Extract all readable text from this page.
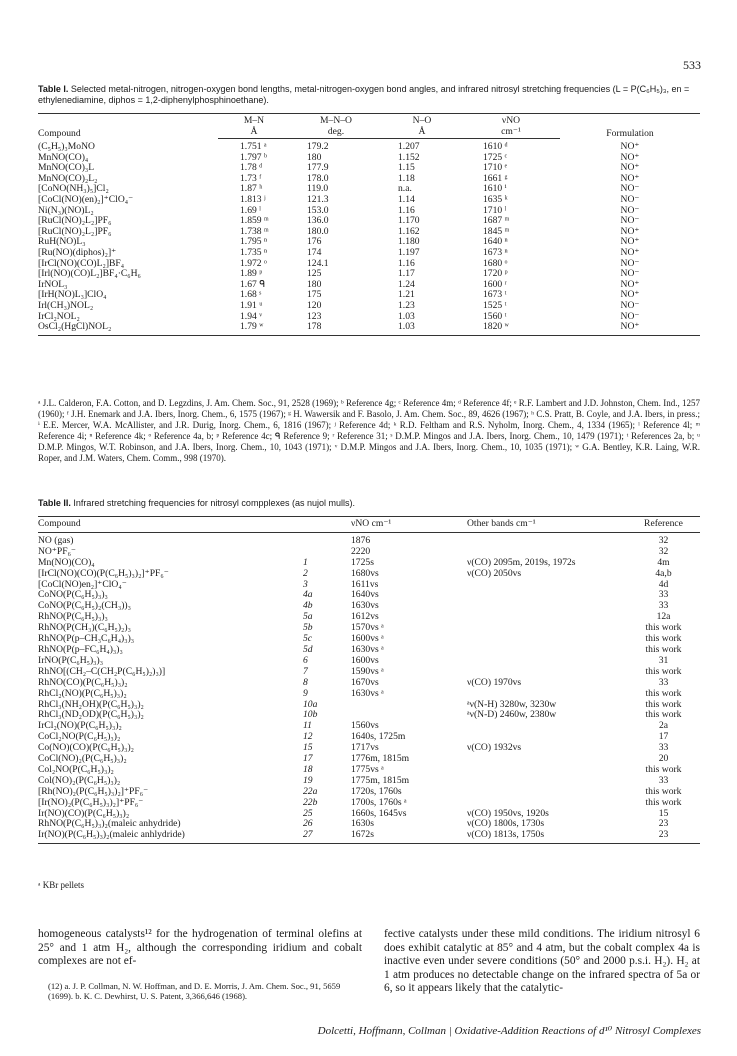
533
Table I. Selected metal-nitrogen, nitrogen-oxygen bond lengths, metal-nitrogen-oxygen bond angles, and infrared nitrosyl stretching frequencies (L = P(C₆H₅)₃, en = ethylenediamine, diphos = 1,2-diphenylphosphinoethane).
Compound	M–N	M–N–O	N–O	νNO	Formulation
	Å	deg.	Å	cm⁻¹	
(C₅H₅)₃MoNO	1.751 ᵃ	179.2	1.207	1610 ᵈ	NO⁺
MnNO(CO)₄	1.797 ᵇ	180	1.152	1725 ᶜ	NO⁺
MnNO(CO)₃L	1.78 ᵈ	177.9	1.15	1710 ᵉ	NO⁺
MnNO(CO)₂L₂	1.73 ᶠ	178.0	1.18	1661 ᵍ	NO⁺
[CoNO(NH₃)₅]Cl₂	1.87 ʰ	119.0	n.a.	1610 ⁱ	NO⁻
[CoCl(NO)(en)₂]⁺ClO₄⁻	1.813 ʲ	121.3	1.14	1635 ᵏ	NO⁻
Ni(N₃)(NO)L₂	1.69 ˡ	153.0	1.16	1710 ˡ	NO⁻
[RuCl(NO)₂L₂]PF₆	1.859 ᵐ	136.0	1.170	1687 ᵐ	NO⁻
[RuCl(NO)₂L₂]PF₆	1.738 ᵐ	180.0	1.162	1845 ᵐ	NO⁺
RuH(NO)L₃	1.795 ⁿ	176	1.180	1640 ⁿ	NO⁺
[Ru(NO)(diphos)₂]⁺	1.735 ⁿ	174	1.197	1673 ⁿ	NO⁺
[IrCl(NO)(CO)L₂]BF₄	1.972 ᵒ	124.1	1.16	1680 ᵒ	NO⁻
[Irl(NO)(CO)L₂]BF₄·C₆H₆	1.89 ᵖ	125	1.17	1720 ᵖ	NO⁻
IrNOL₃	1.67 ᑫ	180	1.24	1600 ʳ	NO⁺
[IrH(NO)L₃]ClO₄	1.68 ˢ	175	1.21	1673 ᵗ	NO⁺
Irl(CH₃)NOL₂	1.91 ᵘ	120	1.23	1525 ᵗ	NO⁻
IrCl₂NOL₂	1.94 ᵛ	123	1.03	1560 ᵗ	NO⁻
OsCl₂(HgCl)NOL₂	1.79 ʷ	178	1.03	1820 ʷ	NO⁺
ᵃ J.L. Calderon, F.A. Cotton, and D. Legzdins, J. Am. Chem. Soc., 91, 2528 (1969); ᵇ Reference 4g; ᶜ Reference 4m; ᵈ Reference 4f; ᵉ R.F. Lambert and J.D. Johnston, Chem. Ind., 1257 (1960); ᶠ J.H. Enemark and J.A. Ibers, Inorg. Chem., 6, 1575 (1967); ᵍ H. Wawersik and F. Basolo, J. Am. Chem. Soc., 89, 4626 (1967); ʰ C.S. Pratt, B. Coyle, and J.A. Ibers, in press.; ⁱ E.E. Mercer, W.A. McAllister, and J.R. Durig, Inorg. Chem., 6, 1816 (1967); ʲ Reference 4d; ᵏ R.D. Feltham and R.S. Nyholm, Inorg. Chem., 4, 1334 (1965); ˡ Reference 4l; ᵐ Reference 4i; ⁿ Reference 4k; ᵒ Reference 4a, b; ᵖ Reference 4c; ᑫ Reference 9; ʳ Reference 31; ˢ D.M.P. Mingos and J.A. Ibers, Inorg. Chem., 10, 1479 (1971); ᵗ References 2a, b; ᵘ D.M.P. Mingos, W.T. Robinson, and J.A. Ibers, Inorg. Chem., 10, 1043 (1971); ᵛ D.M.P. Mingos and J.A. Ibers, Inorg. Chem., 10, 1035 (1971); ʷ G.A. Bentley, K.R. Laing, W.R. Roper, and J.M. Waters, Chem. Comm., 998 (1970).
Table II. Infrared stretching frequencies for nitrosyl compplexes (as nujol mulls).
Compound		νNO cm⁻¹	Other bands cm⁻¹	Reference
NO (gas)		1876		32
NO⁺PF₆⁻		2220		32
Mn(NO)(CO)₄	1	1725s	ν(CO) 2095m, 2019s, 1972s	4m
[IrCl(NO)(CO)(P(C₆H₅)₃)₂]⁺PF₆⁻	2	1680vs	ν(CO) 2050vs	4a,b
[CoCl(NO)en₂]⁺ClO₄⁻	3	1611vs		4d
CoNO(P(C₆H₅)₃)₃	4a	1640vs		33
CoNO(P(C₆H₅)₂(CH₃))₃	4b	1630vs		33
RhNO(P(C₆H₅)₃)₃	5a	1612vs		12a
RhNO(P(CH₃)(C₆H₅)₂)₃	5b	1570vs ᵃ		this work
RhNO(P(p–CH₃C₆H₄)₃)₃	5c	1600vs ᵃ		this work
RhNO(P(p–FC₆H₄)₃)₃	5d	1630vs ᵃ		this work
IrNO(P(C₆H₅)₃)₃	6	1600vs		31
RhNO[(CH₂–C(CH₂P(C₆H₅)₂)₃)]	7	1590vs ᵃ		this work
RhNO(CO)(P(C₆H₅)₃)₂	8	1670vs	ν(CO) 1970vs	33
RhCl₂(NO)(P(C₆H₅)₃)₂	9	1630vs ᵃ		this work
RhCl₃(NH₂OH)(P(C₆H₅)₃)₂	10a		ᵃν(N-H) 3280w, 3230w	this work
RhCl₃(ND₂OD)(P(C₆H₅)₃)₂	10b		ᵃν(N-D) 2460w, 2380w	this work
IrCl₂(NO)(P(C₆H₅)₃)₂	11	1560vs		2a
CoCl₂NO(P(C₆H₅)₃)₂	12	1640s, 1725m		17
Co(NO)(CO)(P(C₆H₅)₃)₂	15	1717vs	ν(CO) 1932vs	33
CoCl(NO)₂(P(C₆H₅)₃)₂	17	1776m, 1815m		20
Col₂NO(P(C₆H₅)₃)₂	18	1775vs ᵃ		this work
Col(NO)₂(P(C₆H₅)₃)₂	19	1775m, 1815m		33
[Rh(NO)₂(P(C₆H₅)₃)₂]⁺PF₆⁻	22a	1720s, 1760s		this work
[Ir(NO)₂(P(C₆H₅)₃)₂]⁺PF₆⁻	22b	1700s, 1760s ᵃ		this work
Ir(NO)(CO)(P(C₆H₅)₃)₂	25	1660s, 1645vs	ν(CO) 1950vs, 1920s	15
RhNO(P(C₆H₅)₃)₂(maleic anhydride)	26	1630s	ν(CO) 1800s, 1730s	23
Ir(NO)(P(C₆H₅)₃)₂(maleic anhlydride)	27	1672s	ν(CO) 1813s, 1750s	23
ᵃ KBr pellets
homogeneous catalysts¹² for the hydrogenation of terminal olefins at 25° and 1 atm H₂, although the corresponding iridium and cobalt complexes are not ef-
(12) a. J. P. Collman, N. W. Hoffman, and D. E. Morris, J. Am. Chem. Soc., 91, 5659 (1699). b. K. C. Dewhirst, U. S. Patent, 3,366,646 (1968).
fective catalysts under these mild conditions. The iridium nitrosyl 6 does exhibit catalytic at 85° and 4 atm, but the cobalt complex 4a is inactive even under severe conditions (50° and 2000 p.s.i. H₂). H₂ at 1 atm produces no detectable change on the infrared spectra of 5a or 6, so it appears likely that the catalytic-
Dolcetti, Hoffmann, Collman | Oxidative-Addition Reactions of d¹⁰ Nitrosyl Complexes
